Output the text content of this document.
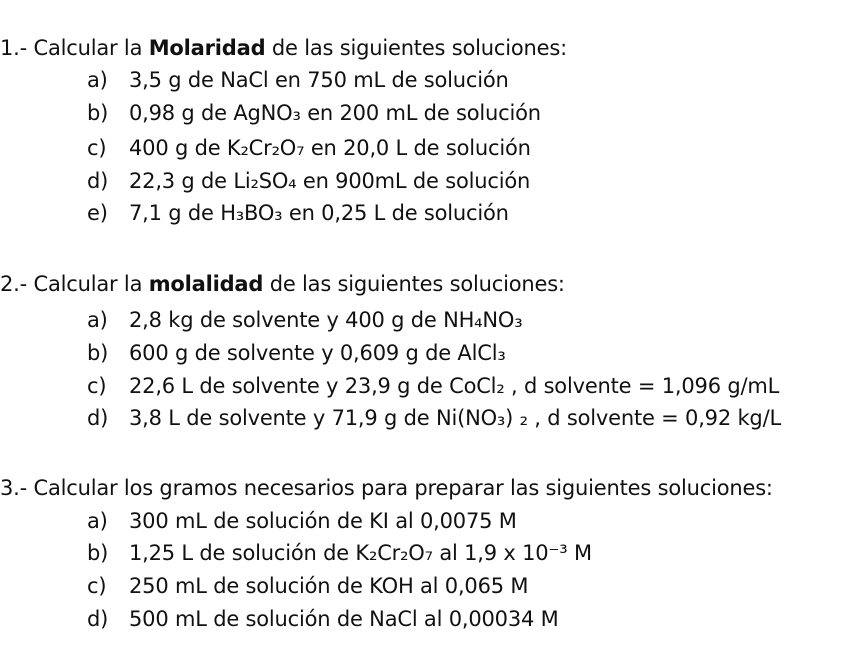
1.- Calcular la Molaridad de las siguientes soluciones:
a) 3,5 g de NaCl en 750 mL de solución
b) 0,98 g de AgNO₃ en 200 mL de solución
c) 400 g de K₂Cr₂O₇ en 20,0 L de solución
d) 22,3 g de Li₂SO₄ en 900mL de solución
e) 7,1 g de H₃BO₃ en 0,25 L de solución
2.- Calcular la molalidad de las siguientes soluciones:
a) 2,8 kg de solvente y 400 g de NH₄NO₃
b) 600 g de solvente y 0,609 g de AlCl₃
c) 22,6 L de solvente y 23,9 g de CoCl₂ , d solvente = 1,096 g/mL
d) 3,8 L de solvente y 71,9 g de Ni(NO₃) ₂ , d solvente = 0,92 kg/L
3.- Calcular los gramos necesarios para preparar las siguientes soluciones:
a) 300 mL de solución de KI al 0,0075 M
b) 1,25 L de solución de K₂Cr₂O₇ al 1,9 x 10⁻³ M
c) 250 mL de solución de KOH al 0,065 M
d) 500 mL de solución de NaCl al 0,00034 M
